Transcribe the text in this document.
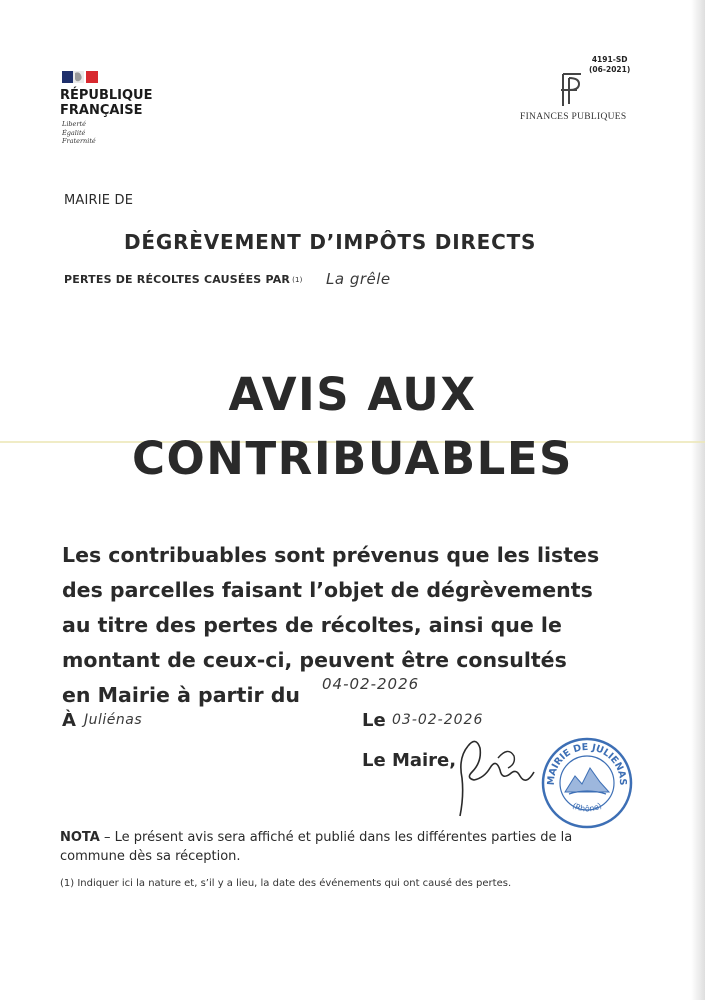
RÉPUBLIQUE
FRANÇAISE
Liberté
Égalité
Fraternité
4191-SD
(06-2021)
FINANCES PUBLIQUES
MAIRIE DE
DÉGRÈVEMENT D’IMPÔTS DIRECTS
PERTES DE RÉCOLTES CAUSÉES PAR (1) La grêle
AVIS AUX
CONTRIBUABLES
Les contribuables sont prévenus que les listes
des parcelles faisant l’objet de dégrèvements
au titre des pertes de récoltes, ainsi que le
montant de ceux-ci, peuvent être consultés
en Mairie à partir du	04-02-2026
À Juliénas	Le 03-02-2026
Le Maire,
MAIRIE DE JULIENAS
(Rhône)
NOTA – Le présent avis sera affiché et publié dans les différentes parties de la commune dès sa réception.
(1) Indiquer ici la nature et, s’il y a lieu, la date des événements qui ont causé des pertes.
